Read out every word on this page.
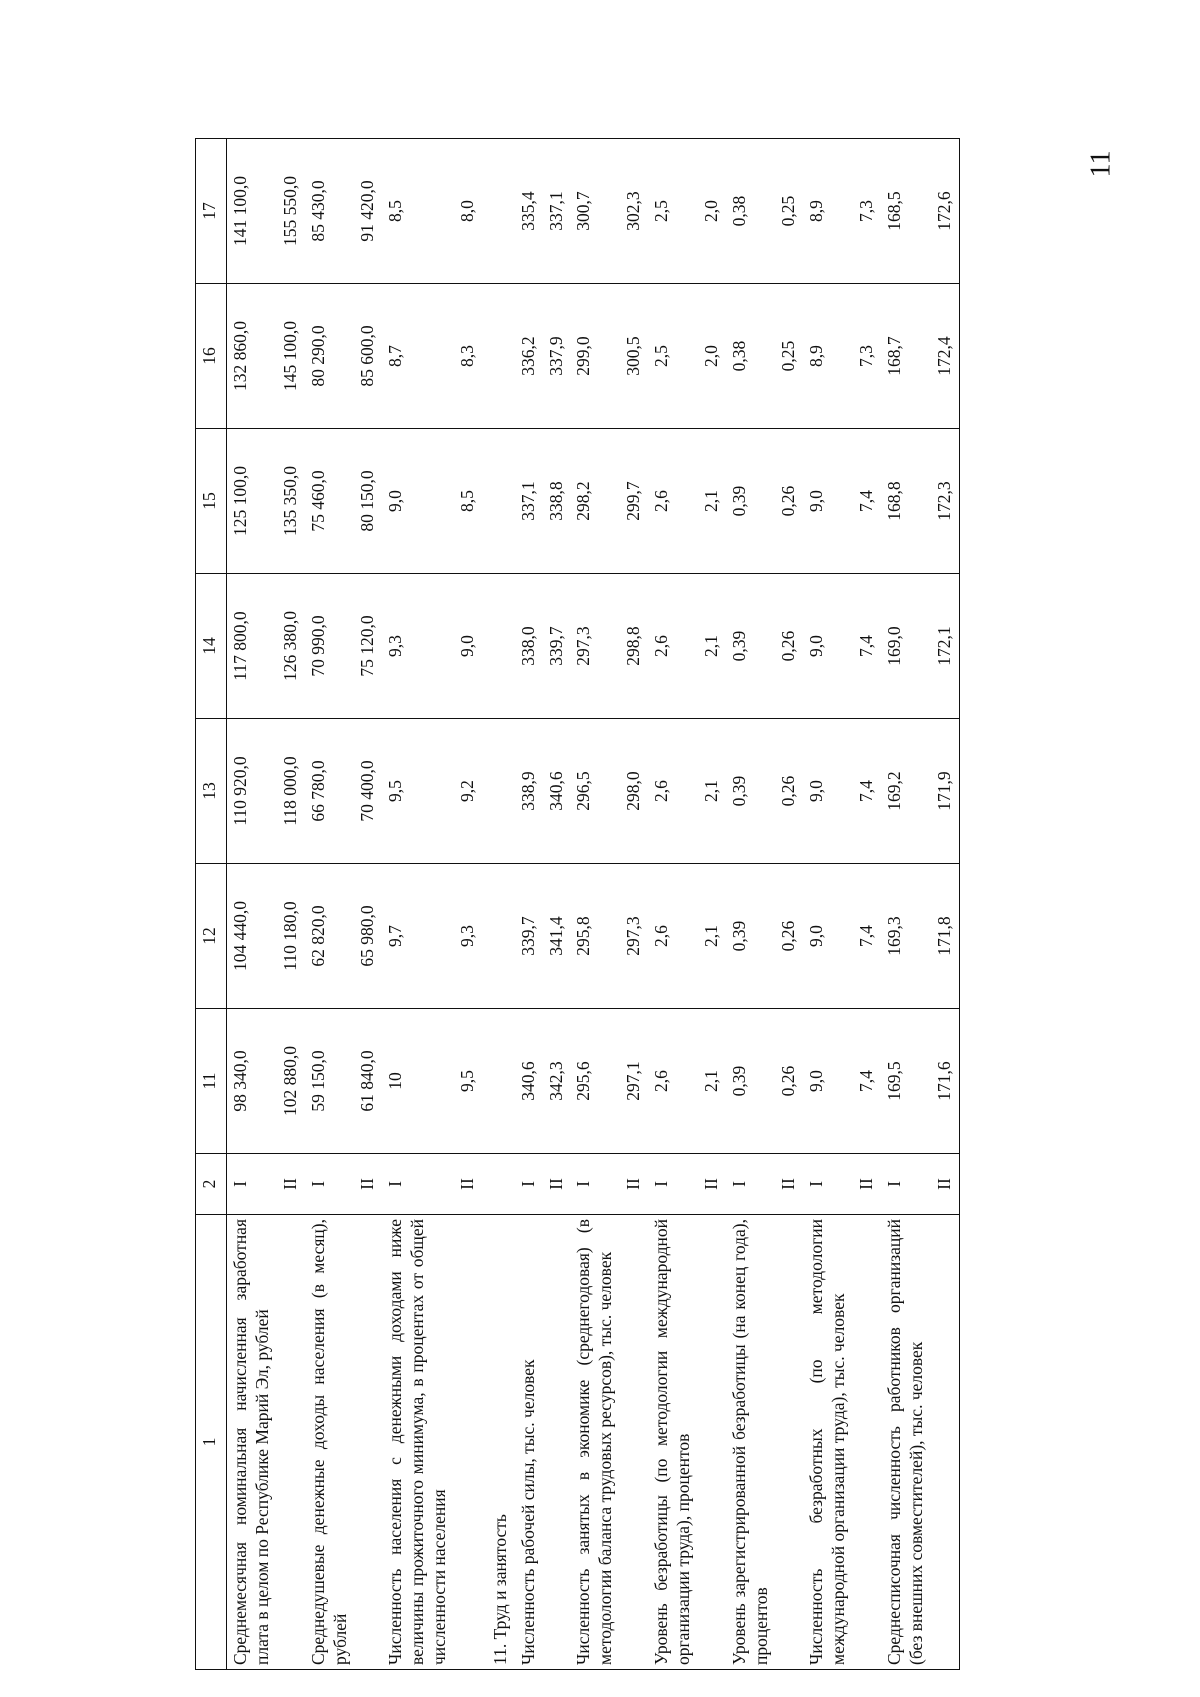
11
1	2	11	12	13	14	15	16	17
Среднемесячная номинальная начисленная заработная плата в целом по Республике Марий Эл, рублей	I	98 340,0	104 440,0	110 920,0	117 800,0	125 100,0	132 860,0	141 100,0
	II	102 880,0	110 180,0	118 000,0	126 380,0	135 350,0	145 100,0	155 550,0
Среднедушевые денежные доходы населения (в месяц), рублей	I	59 150,0	62 820,0	66 780,0	70 990,0	75 460,0	80 290,0	85 430,0
	II	61 840,0	65 980,0	70 400,0	75 120,0	80 150,0	85 600,0	91 420,0
Численность населения с денежными доходами ниже величины прожиточного минимума, в процентах от общей численности населения	I	10	9,7	9,5	9,3	9,0	8,7	8,5
	II	9,5	9,3	9,2	9,0	8,5	8,3	8,0
11. Труд и занятость								
Численность рабочей силы, тыс. человек	I	340,6	339,7	338,9	338,0	337,1	336,2	335,4
	II	342,3	341,4	340,6	339,7	338,8	337,9	337,1
Численность занятых в экономике (среднегодовая) (в методологии баланса трудовых ресурсов), тыс. человек	I	295,6	295,8	296,5	297,3	298,2	299,0	300,7
	II	297,1	297,3	298,0	298,8	299,7	300,5	302,3
Уровень безработицы (по методологии международной организации труда), процентов	I	2,6	2,6	2,6	2,6	2,6	2,5	2,5
	II	2,1	2,1	2,1	2,1	2,1	2,0	2,0
Уровень зарегистрированной безработицы (на конец года), процентов	I	0,39	0,39	0,39	0,39	0,39	0,38	0,38
	II	0,26	0,26	0,26	0,26	0,26	0,25	0,25
Численность безработных (по методологии международной организации труда), тыс. человек	I	9,0	9,0	9,0	9,0	9,0	8,9	8,9
	II	7,4	7,4	7,4	7,4	7,4	7,3	7,3
Среднесписочная численность работников организаций (без внешних совместителей), тыс. человек	I	169,5	169,3	169,2	169,0	168,8	168,7	168,5
	II	171,6	171,8	171,9	172,1	172,3	172,4	172,6
